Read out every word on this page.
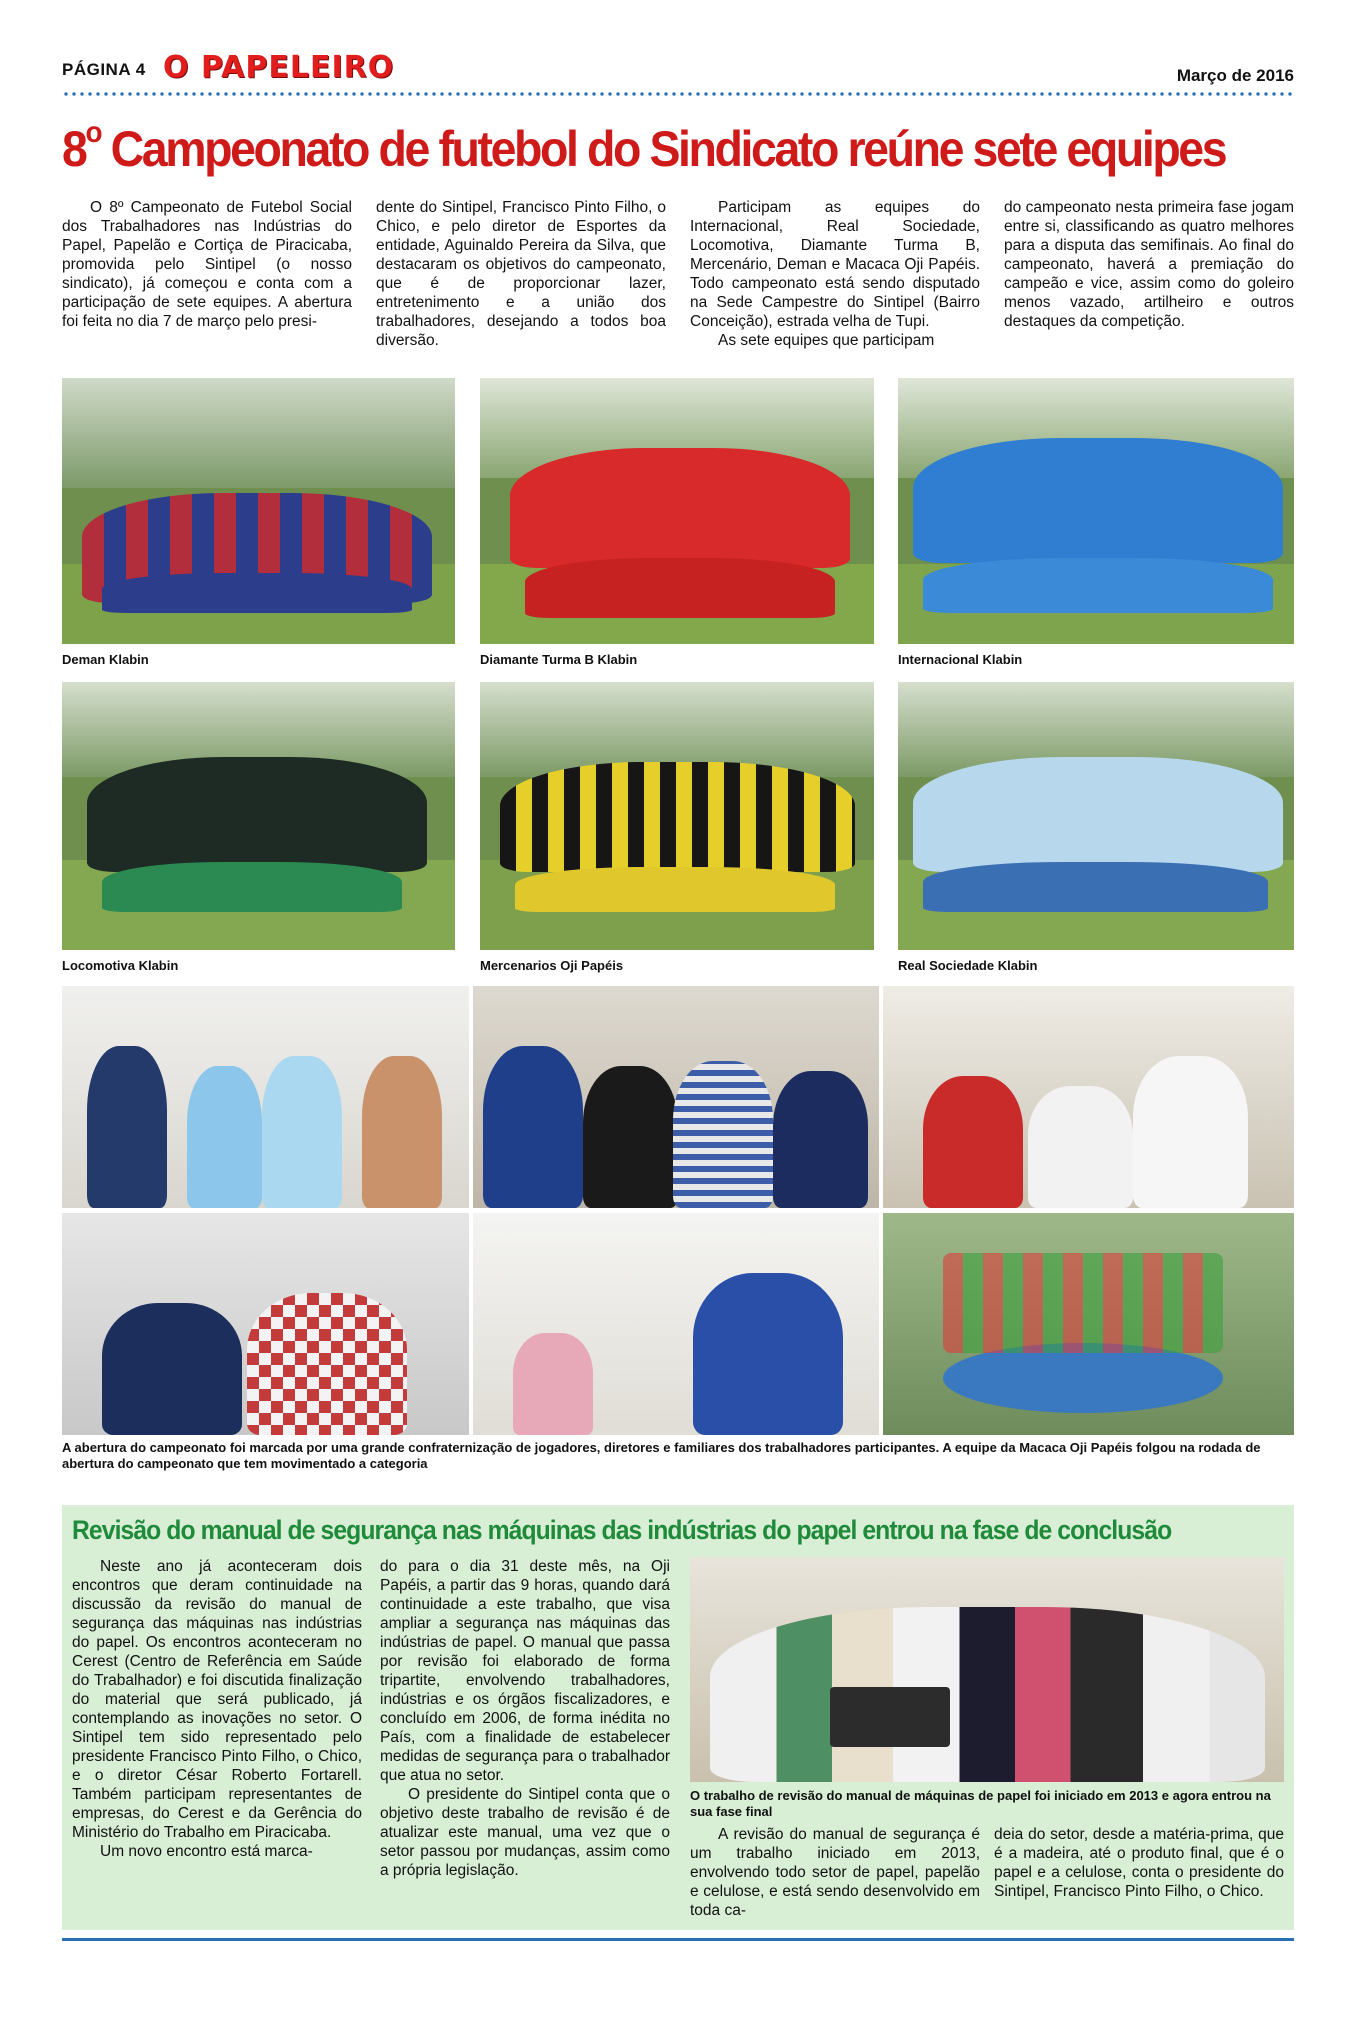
PÁGINA 4 O PAPELEIRO	Março de 2016
8$^o$ Campeonato de futebol do Sindicato reúne sete equipes

O 8º Campeonato de Futebol Social dos Trabalhadores nas Indústrias do Papel, Papelão e Cortiça de Piracicaba, promovida pelo Sintipel (o nosso sindicato), já começou e conta com a participação de sete equipes. A abertura foi feita no dia 7 de março pelo presi-

dente do Sintipel, Francisco Pinto Filho, o Chico, e pelo diretor de Esportes da entidade, Aguinaldo Pereira da Silva, que destacaram os objetivos do campeonato, que é de proporcionar lazer, entretenimento e a união dos trabalhadores, desejando a todos boa diversão.

Participam as equipes do Internacional, Real Sociedade, Locomotiva, Diamante Turma B, Mercenário, Deman e Macaca Oji Papéis. Todo campeonato está sendo disputado na Sede Campestre do Sintipel (Bairro Conceição), estrada velha de Tupi.

As sete equipes que participam

do campeonato nesta primeira fase jogam entre si, classificando as quatro melhores para a disputa das semifinais. Ao final do campeonato, haverá a premiação do campeão e vice, assim como do goleiro menos vazado, artilheiro e outros destaques da competição.

Deman Klabin	Diamante Turma B Klabin	Internacional Klabin
Locomotiva Klabin	Mercenarios Oji Papéis	Real Sociedade Klabin
A abertura do campeonato foi marcada por uma grande confraternização de jogadores, diretores e familiares dos trabalhadores participantes. A equipe da Macaca Oji Papéis folgou na rodada de abertura do campeonato que tem movimentado a categoria
Revisão do manual de segurança nas máquinas das indústrias do papel entrou na fase de conclusão

Neste ano já aconteceram dois encontros que deram continuidade na discussão da revisão do manual de segurança das máquinas nas indústrias do papel. Os encontros aconteceram no Cerest (Centro de Referência em Saúde do Trabalhador) e foi discutida finalização do material que será publicado, já contemplando as inovações no setor. O Sintipel tem sido representado pelo presidente Francisco Pinto Filho, o Chico, e o diretor César Roberto Fortarell. Também participam representantes de empresas, do Cerest e da Gerência do Ministério do Trabalho em Piracicaba.

Um novo encontro está marca-

do para o dia 31 deste mês, na Oji Papéis, a partir das 9 horas, quando dará continuidade a este trabalho, que visa ampliar a segurança nas máquinas das indústrias de papel. O manual que passa por revisão foi elaborado de forma tripartite, envolvendo trabalhadores, indústrias e os órgãos fiscalizadores, e concluído em 2006, de forma inédita no País, com a finalidade de estabelecer medidas de segurança para o trabalhador que atua no setor.

O presidente do Sintipel conta que o objetivo deste trabalho de revisão é de atualizar este manual, uma vez que o setor passou por mudanças, assim como a própria legislação.

O trabalho de revisão do manual de máquinas de papel foi iniciado em 2013 e agora entrou na sua fase final

A revisão do manual de segurança é um trabalho iniciado em 2013, envolvendo todo setor de papel, papelão e celulose, e está sendo desenvolvido em toda ca-

deia do setor, desde a matéria-prima, que é a madeira, até o produto final, que é o papel e a celulose, conta o presidente do Sintipel, Francisco Pinto Filho, o Chico.
